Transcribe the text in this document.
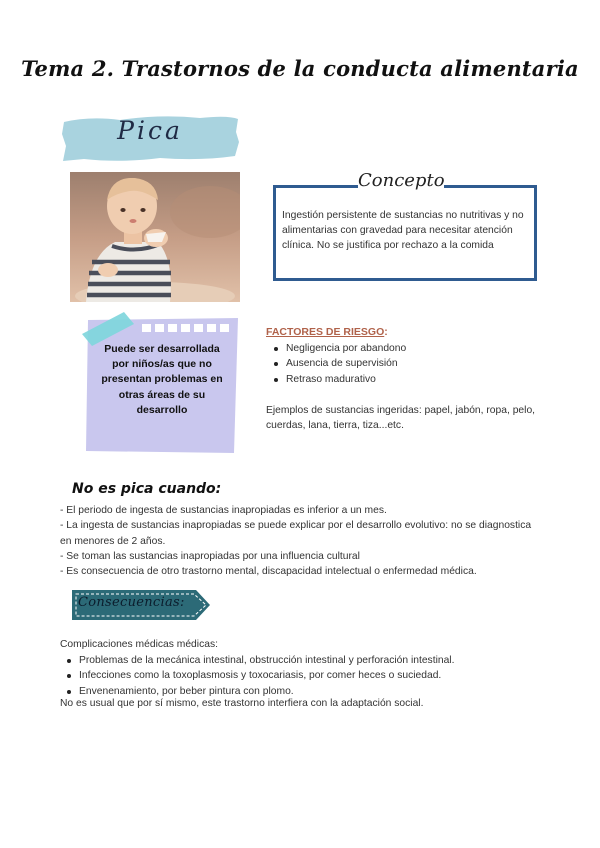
Tema 2. Trastornos de la conducta alimentaria
Pica
Concepto
Ingestión persistente de sustancias no nutritivas y no alimentarias con gravedad para necesitar atención clínica. No se justifica por rechazo a la comida
Puede ser desarrollada por niños/as que no presentan problemas en otras áreas de su desarrollo
FACTORES DE RIESGO:
Negligencia por abandono
Ausencia de supervisión
Retraso madurativo
Ejemplos de sustancias ingeridas: papel, jabón, ropa, pelo, cuerdas, lana, tierra, tiza...etc.
No es pica cuando:

- El periodo de ingesta de sustancias inapropiadas es inferior a un mes.

- La ingesta de sustancias inapropiadas se puede explicar por el desarrollo evolutivo: no se diagnostica en menores de 2 años.

- Se toman las sustancias inapropiadas por una influencia cultural

- Es consecuencia de otro trastorno mental, discapacidad intelectual o enfermedad médica.

Consecuencias:
Complicaciones médicas médicas:
Problemas de la mecánica intestinal, obstrucción intestinal y perforación intestinal.
Infecciones como la toxoplasmosis y toxocariasis, por comer heces o suciedad.
Envenenamiento, por beber pintura con plomo.
No es usual que por sí mismo, este trastorno interfiera con la adaptación social.
